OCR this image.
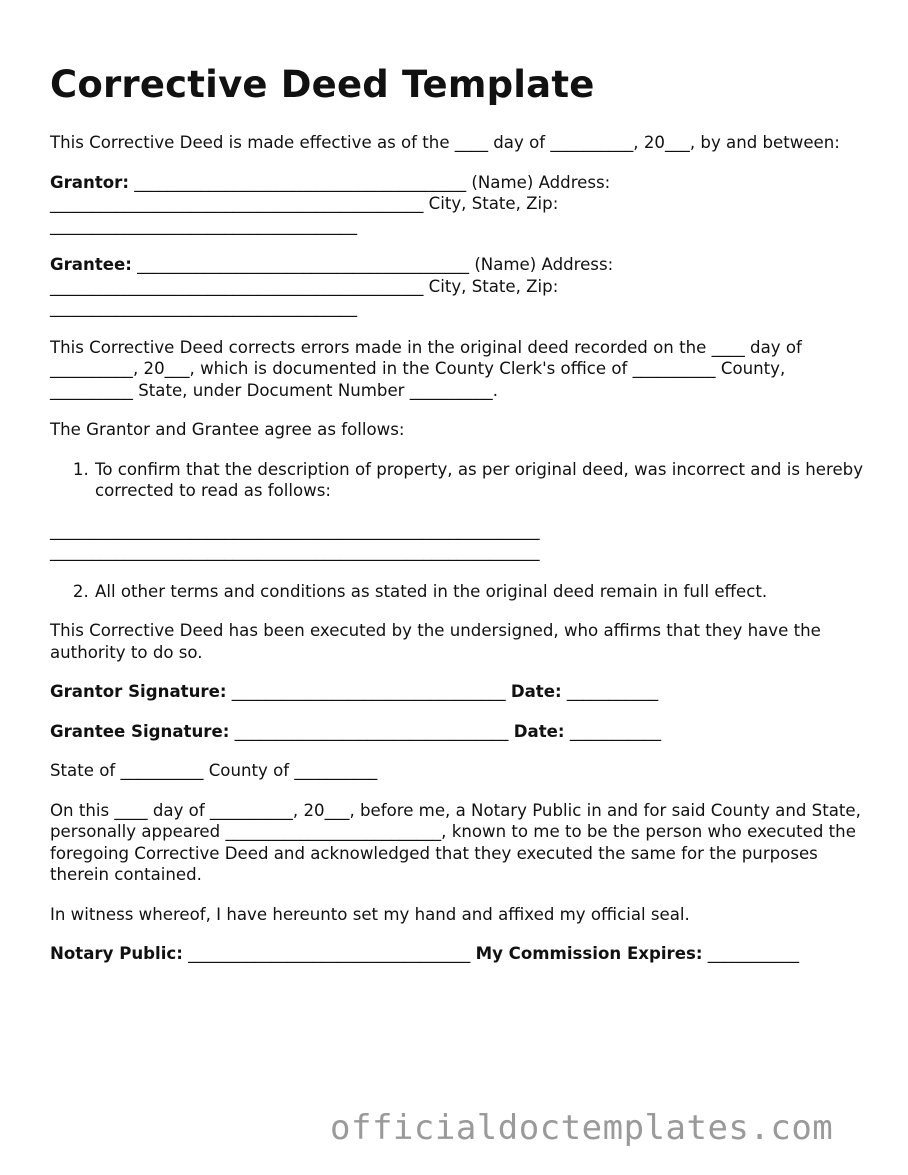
Corrective Deed Template

This Corrective Deed is made effective as of the ____ day of __________, 20___, by and between:

Grantor: ________________________________________ (Name) Address: _____________________________________________ City, State, Zip: _____________________________________

Grantee: ________________________________________ (Name) Address: _____________________________________________ City, State, Zip: _____________________________________

This Corrective Deed corrects errors made in the original deed recorded on the ____ day of __________, 20___, which is documented in the County Clerk's office of __________ County, __________ State, under Document Number __________.

The Grantor and Grantee agree as follows:

1. To confirm that the description of property, as per original deed, was incorrect and is hereby corrected to read as follows:
___________________________________________________________
___________________________________________________________
2. All other terms and conditions as stated in the original deed remain in full effect.

This Corrective Deed has been executed by the undersigned, who affirms that they have the authority to do so.

Grantor Signature: _________________________________ Date: ___________
Grantee Signature: _________________________________ Date: ___________

State of __________ County of __________

On this ____ day of __________, 20___, before me, a Notary Public in and for said County and State, personally appeared __________________________, known to me to be the person who executed the foregoing Corrective Deed and acknowledged that they executed the same for the purposes therein contained.

In witness whereof, I have hereunto set my hand and affixed my official seal.

Notary Public: __________________________________ My Commission Expires: ___________
officialdoctemplates.com
